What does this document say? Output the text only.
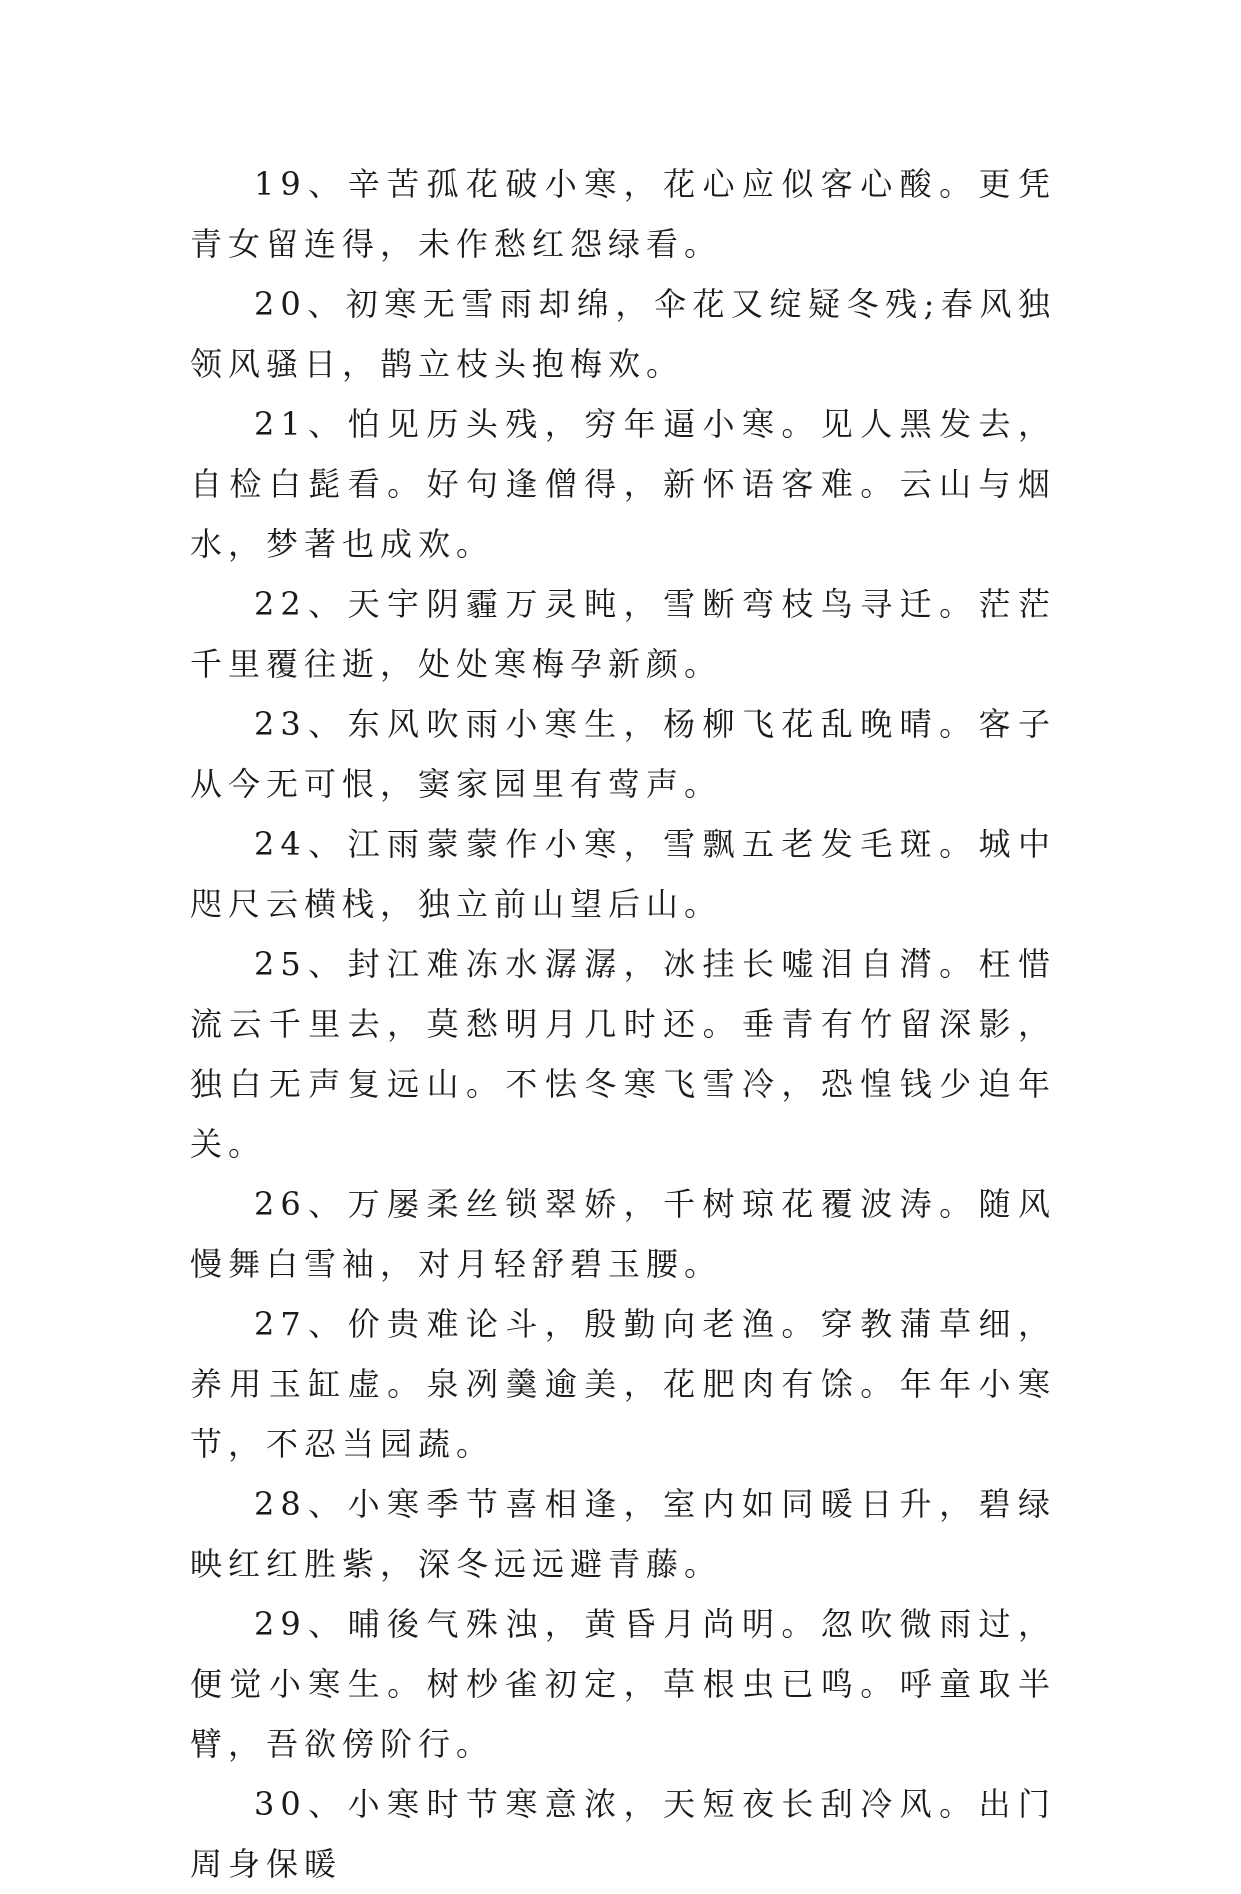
19、辛苦孤花破小寒，花心应似客心酸。更凭青女留连得，未作愁红怨绿看。

20、初寒无雪雨却绵，伞花又绽疑冬残;春风独领风骚日，鹊立枝头抱梅欢。

21、怕见历头残，穷年逼小寒。见人黑发去，自检白髭看。好句逢僧得，新怀语客难。云山与烟水，梦著也成欢。

22、天宇阴霾万灵盹，雪断弯枝鸟寻迁。茫茫千里覆往逝，处处寒梅孕新颜。

23、东风吹雨小寒生，杨柳飞花乱晚晴。客子从今无可恨，窦家园里有莺声。

24、江雨蒙蒙作小寒，雪飘五老发毛斑。城中咫尺云横栈，独立前山望后山。

25、封江难冻水潺潺，冰挂长嘘泪自潸。枉惜流云千里去，莫愁明月几时还。垂青有竹留深影，独白无声复远山。不怯冬寒飞雪冷，恐惶钱少迫年关。

26、万屡柔丝锁翠娇，千树琼花覆波涛。随风慢舞白雪袖，对月轻舒碧玉腰。

27、价贵难论斗，殷勤向老渔。穿教蒲草细，养用玉缸虚。泉冽羹逾美，花肥肉有馀。年年小寒节，不忍当园蔬。

28、小寒季节喜相逢，室内如同暖日升，碧绿映红红胜紫，深冬远远避青藤。

29、晡後气殊浊，黄昏月尚明。忽吹微雨过，便觉小寒生。树杪雀初定，草根虫已鸣。呼童取半臂，吾欲傍阶行。

30、小寒时节寒意浓，天短夜长刮冷风。出门周身保暖
